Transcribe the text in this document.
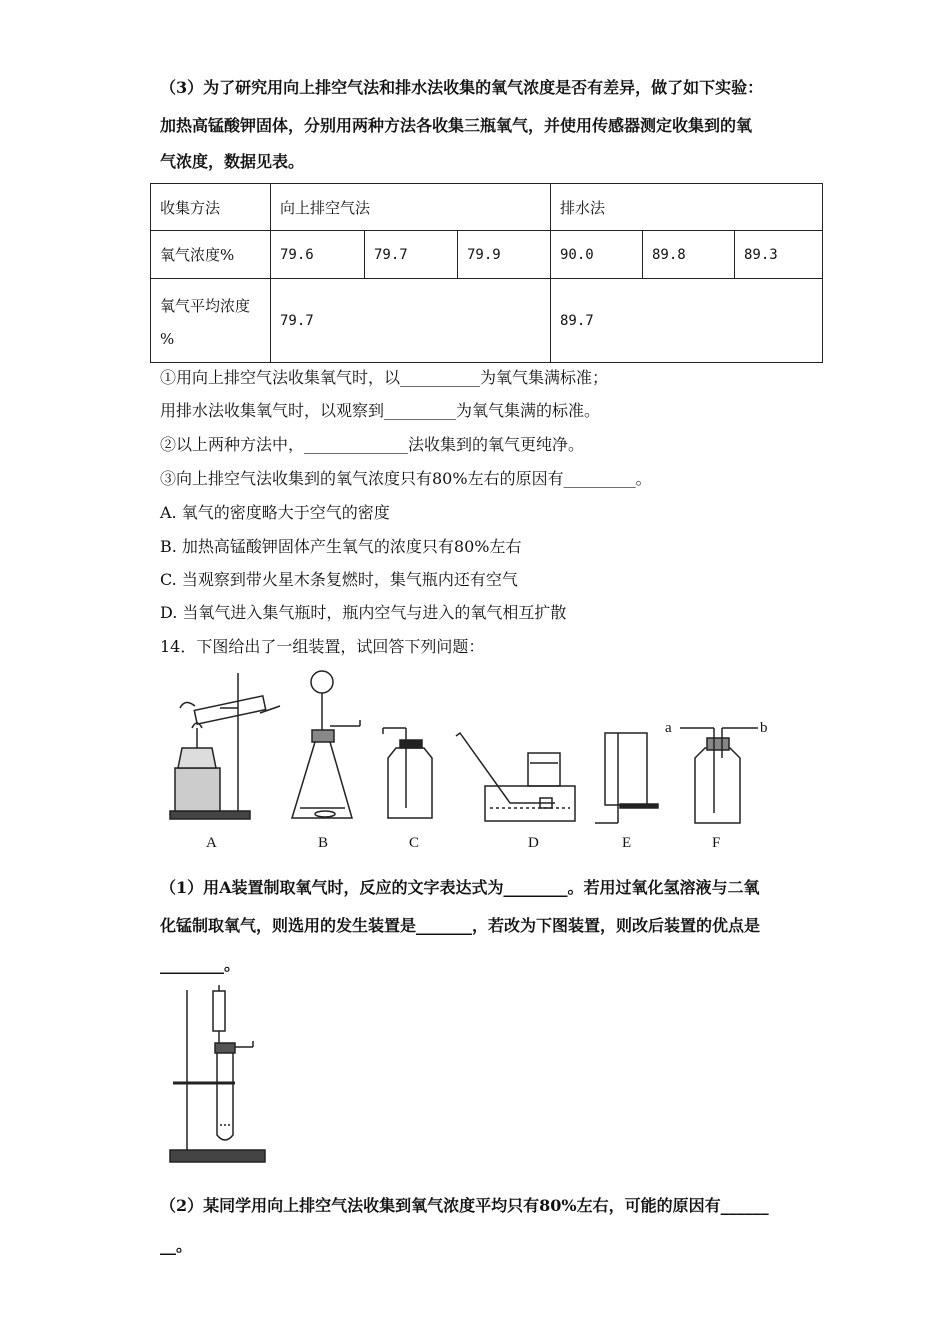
（3）为了研究用向上排空气法和排水法收集的氧气浓度是否有差异，做了如下实验：
加热高锰酸钾固体，分别用两种方法各收集三瓶氧气，并使用传感器测定收集到的氧
气浓度，数据见表。
收集方法	向上排空气法			排水法		
氧气浓度%	79.6	79.7	79.9	90.0	89.8	89.3

氧气平均浓度
%	79.7			89.7		
①用向上排空气法收集氧气时，以__________为氧气集满标准；
用排水法收集氧气时，以观察到_________为氧气集满的标准。
②以上两种方法中，_____________法收集到的氧气更纯净。
③向上排空气法收集到的氧气浓度只有80%左右的原因有_________。
A. 氧气的密度略大于空气的密度
B. 加热高锰酸钾固体产生氧气的浓度只有80%左右
C. 当观察到带火星木条复燃时，集气瓶内还有空气
D. 当氧气进入集气瓶时，瓶内空气与进入的氧气相互扩散
14．下图给出了一组装置，试回答下列问题：
A	B	C	D	E	F
a	b
（1）用A装置制取氧气时，反应的文字表达式为________。若用过氧化氢溶液与二氧
化锰制取氧气，则选用的发生装置是_______，若改为下图装置，则改后装置的优点是
________。
（2）某同学用向上排空气法收集到氧气浓度平均只有80%左右，可能的原因有______
__。
